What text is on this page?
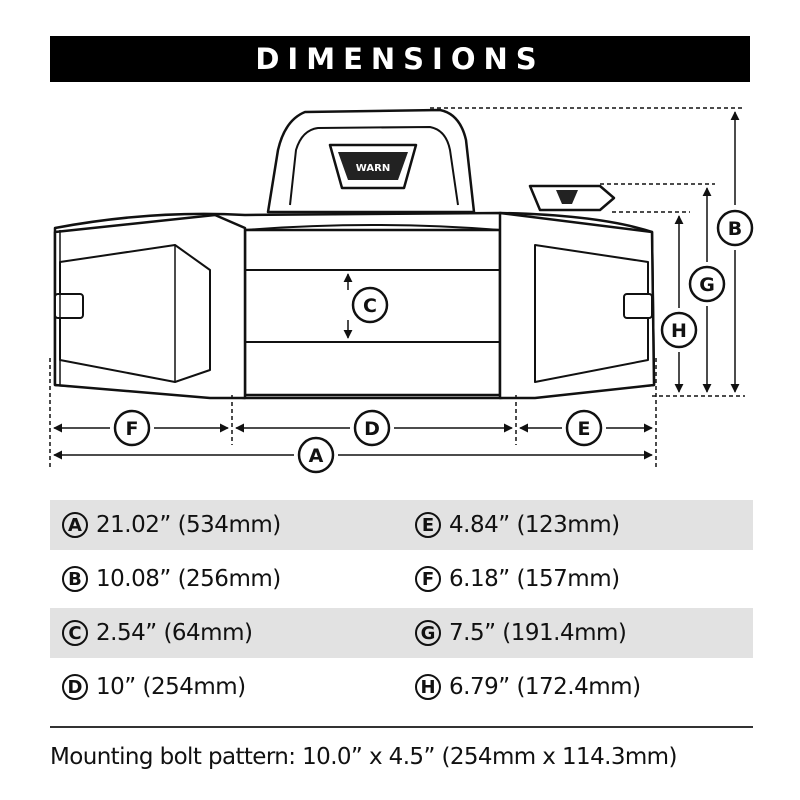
DIMENSIONS
WARN
F	D	E
A
C
B
G
H
A 21.02” (534mm)	E 4.84” (123mm)
B 10.08” (256mm)	F 6.18” (157mm)
C 2.54” (64mm)	G 7.5” (191.4mm)
D 10” (254mm)	H 6.79” (172.4mm)
Mounting bolt pattern: 10.0” x 4.5” (254mm x 114.3mm)
